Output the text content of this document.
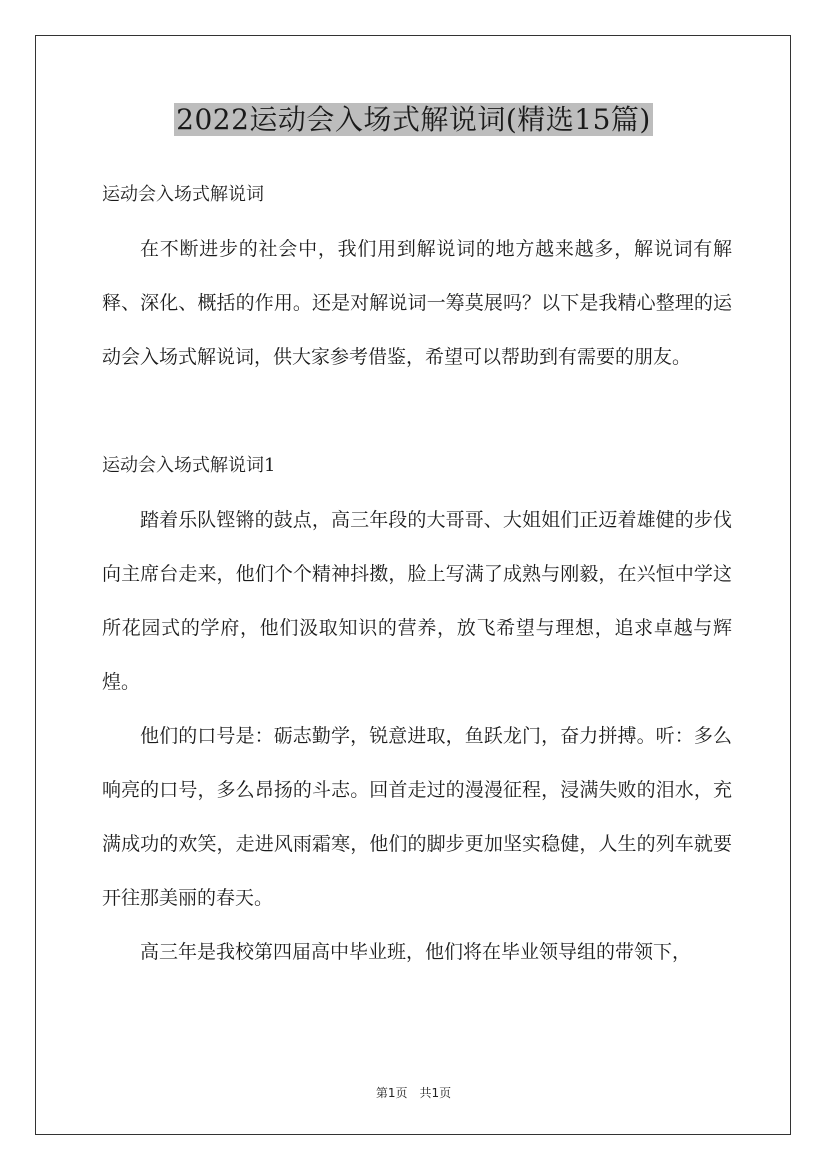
2022运动会入场式解说词(精选15篇)

运动会入场式解说词

在不断进步的社会中，我们用到解说词的地方越来越多，解说词有解释、深化、概括的作用。还是对解说词一筹莫展吗？以下是我精心整理的运动会入场式解说词，供大家参考借鉴，希望可以帮助到有需要的朋友。

运动会入场式解说词1

踏着乐队铿锵的鼓点，高三年段的大哥哥、大姐姐们正迈着雄健的步伐向主席台走来，他们个个精神抖擞，脸上写满了成熟与刚毅，在兴恒中学这所花园式的学府，他们汲取知识的营养，放飞希望与理想，追求卓越与辉煌。

他们的口号是：砺志勤学，锐意进取，鱼跃龙门，奋力拼搏。听：多么响亮的口号，多么昂扬的斗志。回首走过的漫漫征程，浸满失败的泪水，充满成功的欢笑，走进风雨霜寒，他们的脚步更加坚实稳健，人生的列车就要开往那美丽的春天。

高三年是我校第四届高中毕业班，他们将在毕业领导组的带领下，

第1页　共1页
